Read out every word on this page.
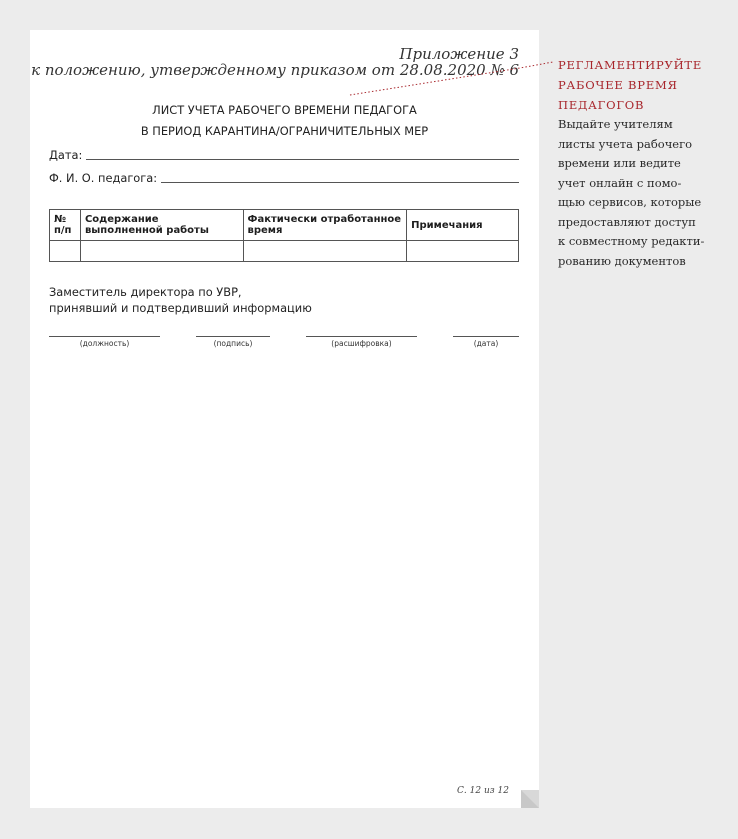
Приложение 3
к положению, утвержденному приказом от 28.08.2020 № 6
ЛИСТ УЧЕТА РАБОЧЕГО ВРЕМЕНИ ПЕДАГОГА
В ПЕРИОД КАРАНТИНА/ОГРАНИЧИТЕЛЬНЫХ МЕР
Дата:
Ф. И. О. педагога:
№
п/п	Содержание выполненной работы	Фактически отработанное время	Примечания

Заместитель директора по УВР,
принявший и подтвердивший информацию
(должность)	(подпись)	(расшифровка)	(дата)
С. 12 из 12
РЕГЛАМЕНТИРУЙТЕ
РАБОЧЕЕ ВРЕМЯ
ПЕДАГОГОВ
Выдайте учителям
листы учета рабочего
времени или ведите
учет онлайн с помо-
щью сервисов, которые
предоставляют доступ
к совместному редакти-
рованию документов
